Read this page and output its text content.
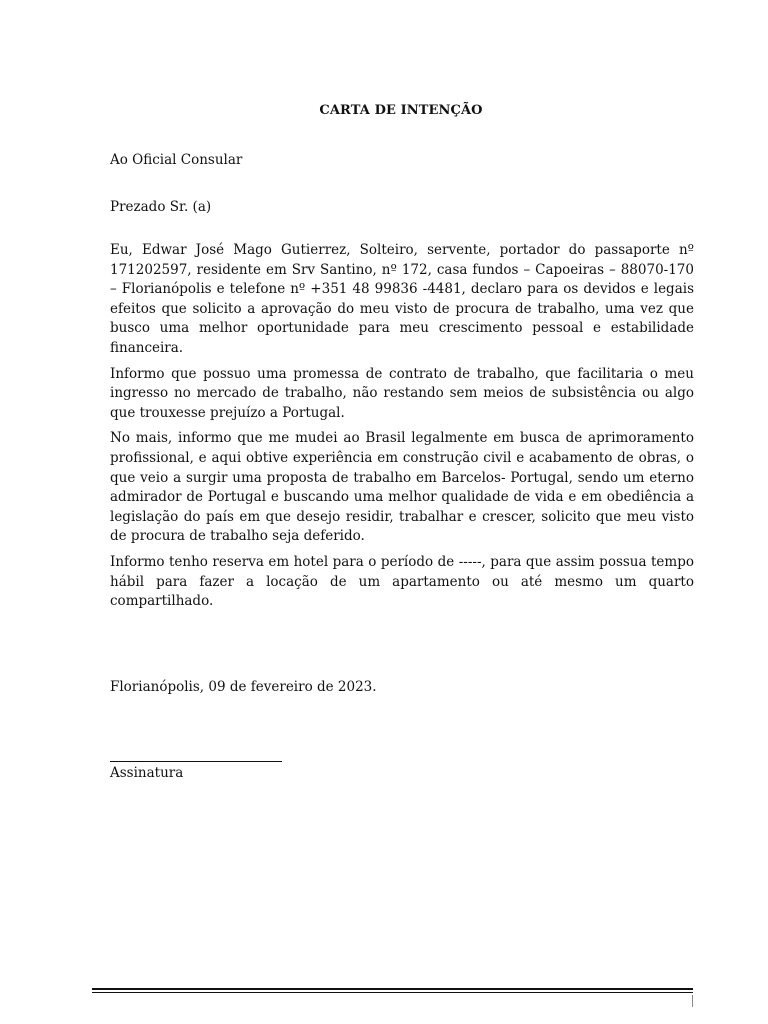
CARTA DE INTENÇÃO
Ao Oficial Consular
Prezado Sr. (a)

Eu, Edwar José Mago Gutierrez, Solteiro, servente, portador do passaporte nº 171202597, residente em Srv Santino, nº 172, casa fundos – Capoeiras – 88070-170 – Florianópolis e telefone nº +351 48 99836 -4481, declaro para os devidos e legais efeitos que solicito a aprovação do meu visto de procura de trabalho, uma vez que busco uma melhor oportunidade para meu crescimento pessoal e estabilidade financeira.

Informo que possuo uma promessa de contrato de trabalho, que facilitaria o meu ingresso no mercado de trabalho, não restando sem meios de subsistência ou algo que trouxesse prejuízo a Portugal.

No mais, informo que me mudei ao Brasil legalmente em busca de aprimoramento profissional, e aqui obtive experiência em construção civil e acabamento de obras, o que veio a surgir uma proposta de trabalho em Barcelos- Portugal, sendo um eterno admirador de Portugal e buscando uma melhor qualidade de vida e em obediência a legislação do país em que desejo residir, trabalhar e crescer, solicito que meu visto de procura de trabalho seja deferido.

Informo tenho reserva em hotel para o período de -----, para que assim possua tempo hábil para fazer a locação de um apartamento ou até mesmo um quarto compartilhado.

Florianópolis, 09 de fevereiro de 2023.
Assinatura
